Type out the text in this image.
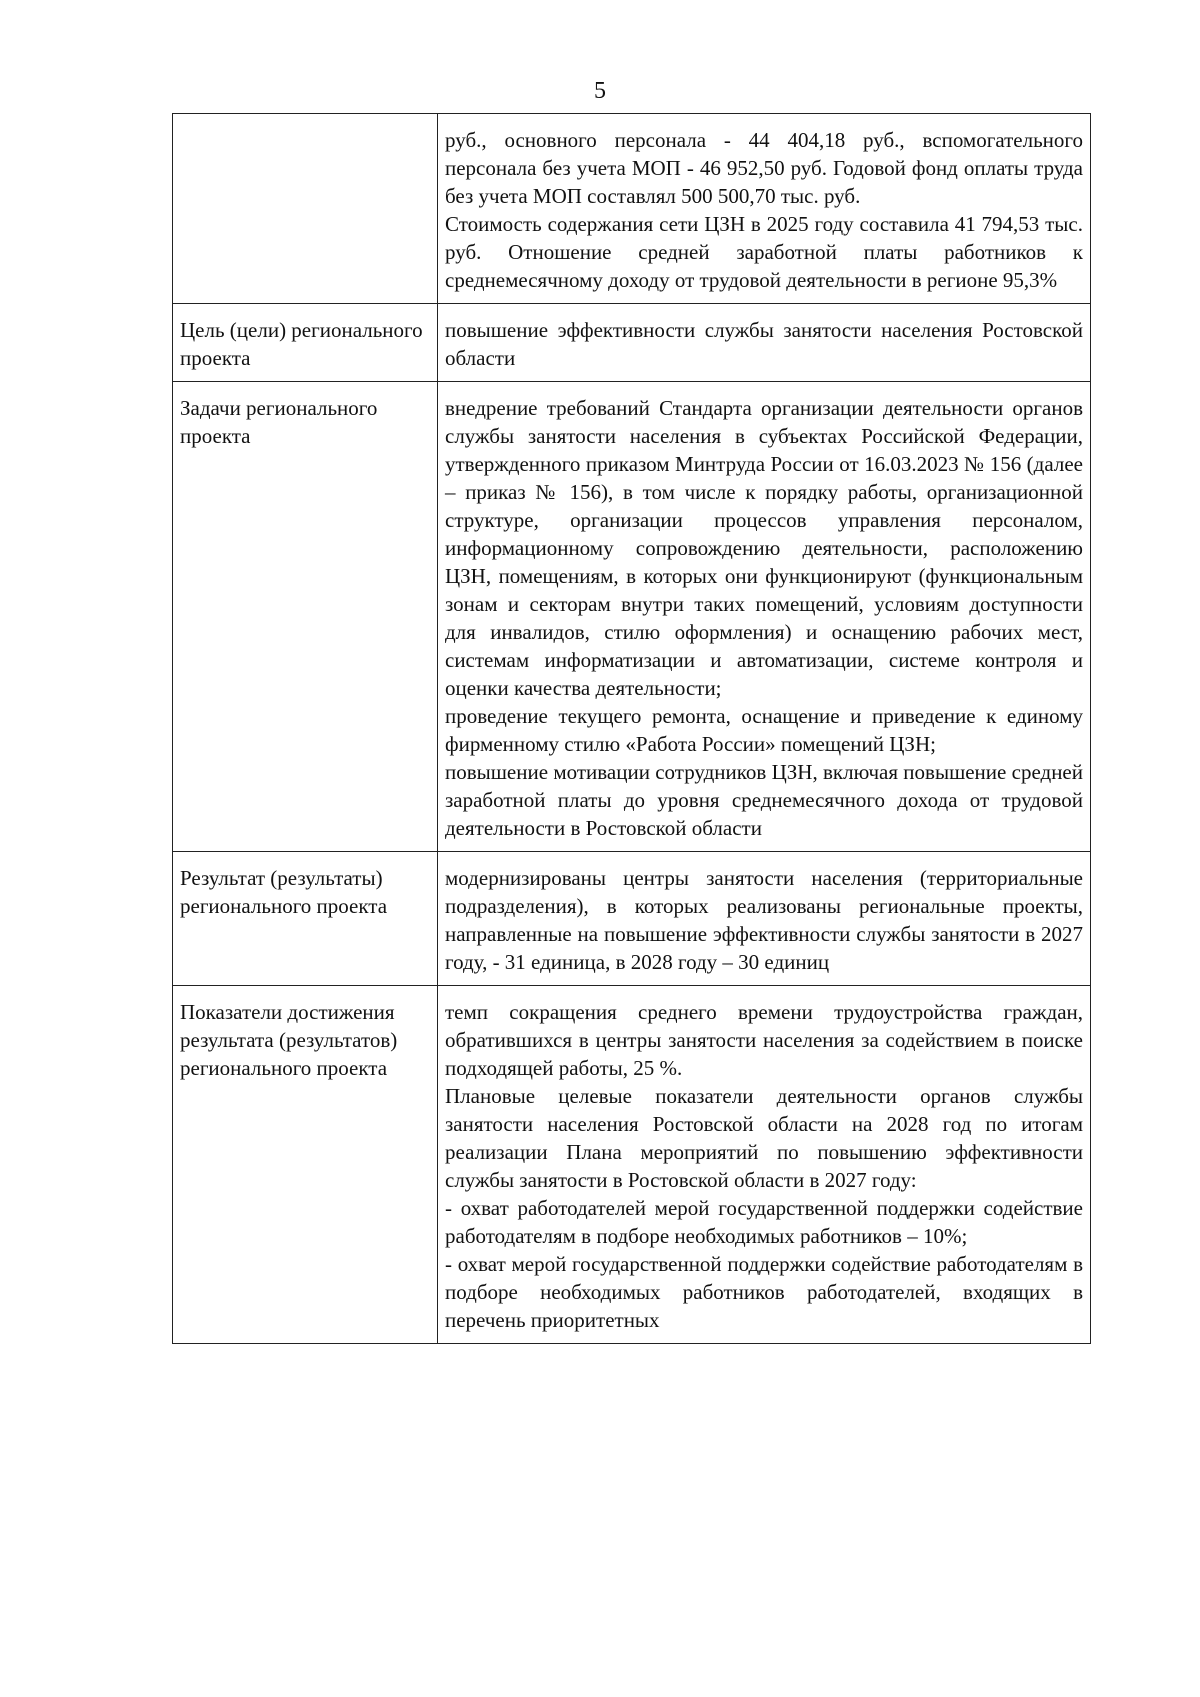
5

	руб., основного персонала - 44 404,18 руб., вспомогательного персонала без учета МОП - 46 952,50 руб. Годовой фонд оплаты труда без учета МОП составлял 500 500,70 тыс. руб.
Стоимость содержания сети ЦЗН в 2025 году составила 41 794,53 тыс. руб. Отношение средней заработной платы работников к среднемесячному доходу от трудовой деятельности в регионе 95,3%

Цель (цели) регионального проекта	повышение эффективности службы занятости населения Ростовской области

Задачи регионального проекта	внедрение требований Стандарта организации деятельности органов службы занятости населения в субъектах Российской Федерации, утвержденного приказом Минтруда России от 16.03.2023 № 156 (далее – приказ № 156), в том числе к порядку работы, организационной структуре, организации процессов управления персоналом, информационному сопровождению деятельности, расположению ЦЗН, помещениям, в которых они функционируют (функциональным зонам и секторам внутри таких помещений, условиям доступности для инвалидов, стилю оформления) и оснащению рабочих мест, системам информатизации и автоматизации, системе контроля и оценки качества деятельности;
проведение текущего ремонта, оснащение и приведение к единому фирменному стилю «Работа России» помещений ЦЗН;
повышение мотивации сотрудников ЦЗН, включая повышение средней заработной платы до уровня среднемесячного дохода от трудовой деятельности в Ростовской области

Результат (результаты) регионального проекта	модернизированы центры занятости населения (территориальные подразделения), в которых реализованы региональные проекты, направленные на повышение эффективности службы занятости в 2027 году, - 31 единица, в 2028 году – 30 единиц

Показатели достижения результата (результатов) регионального проекта	темп сокращения среднего времени трудоустройства граждан, обратившихся в центры занятости населения за содействием в поиске подходящей работы, 25 %.
Плановые целевые показатели деятельности органов службы занятости населения Ростовской области на 2028 год по итогам реализации Плана мероприятий по повышению эффективности службы занятости в Ростовской области в 2027 году:
- охват работодателей мерой государственной поддержки содействие работодателям в подборе необходимых работников – 10%;
- охват мерой государственной поддержки содействие работодателям в подборе необходимых работников работодателей, входящих в перечень приоритетных
